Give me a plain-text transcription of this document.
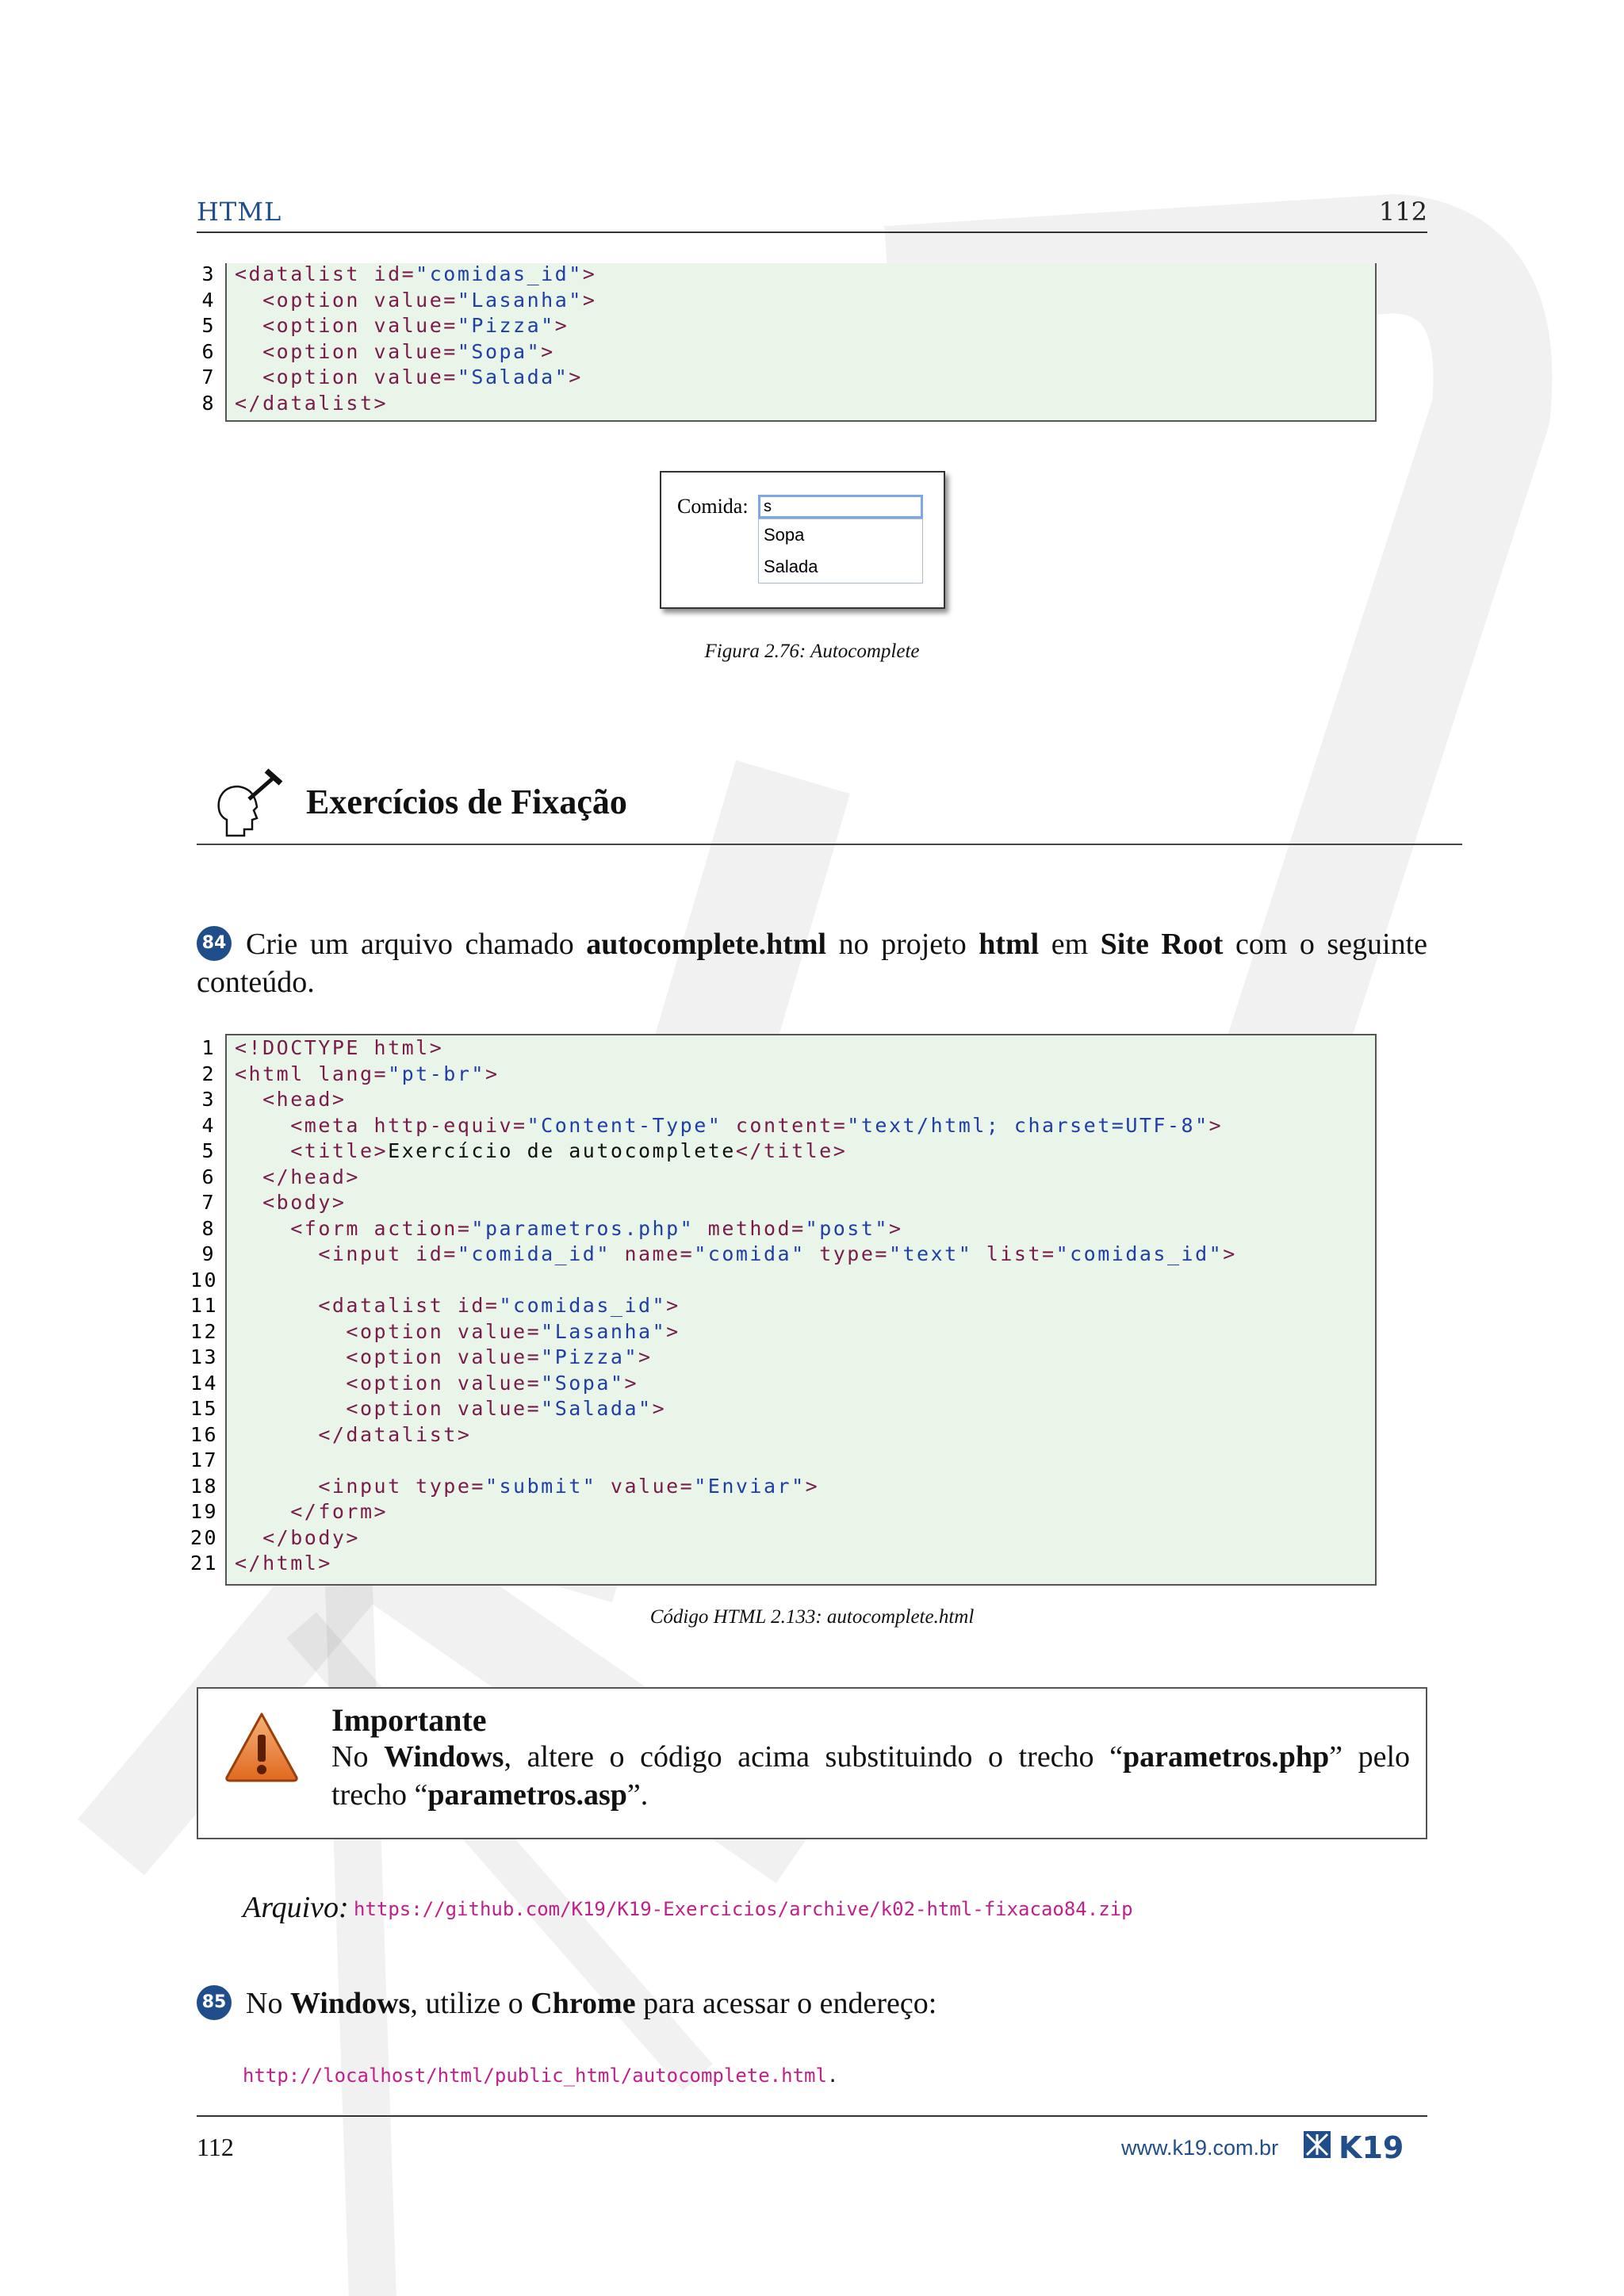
HTML	112
3 <datalist id="comidas_id">
4	<option value="Lasanha">
5	<option value="Pizza">
6	<option value="Sopa">
7	<option value="Salada">
8 </datalist>
Comida: s
Sopa
Salada
Figura 2.76: Autocomplete
Exercícios de Fixação
84 Crie um arquivo chamado autocomplete.html no projeto html em Site Root com o seguinte conteúdo.
1 <!DOCTYPE html>
2 <html lang="pt-br">
3	<head>
4	<meta http-equiv="Content-Type" content="text/html; charset=UTF-8">
5	<title>Exercício de autocomplete</title>
6	</head>
7	<body>
8	<form action="parametros.php" method="post">
9	<input id="comida_id" name="comida" type="text" list="comidas_id">
10
11	<datalist id="comidas_id">
12	<option value="Lasanha">
13	<option value="Pizza">
14	<option value="Sopa">
15	<option value="Salada">
16	</datalist>
17
18	<input type="submit" value="Enviar">
19	</form>
20	</body>
21 </html>
Código HTML 2.133: autocomplete.html
Importante
No Windows, altere o código acima substituindo o trecho “parametros.php” pelo trecho “parametros.asp”.
Arquivo: https://github.com/K19/K19-Exercicios/archive/k02-html-fixacao84.zip
85 No Windows, utilize o Chrome para acessar o endereço:
http://localhost/html/public_html/autocomplete.html.
112	www.k19.com.br K19
